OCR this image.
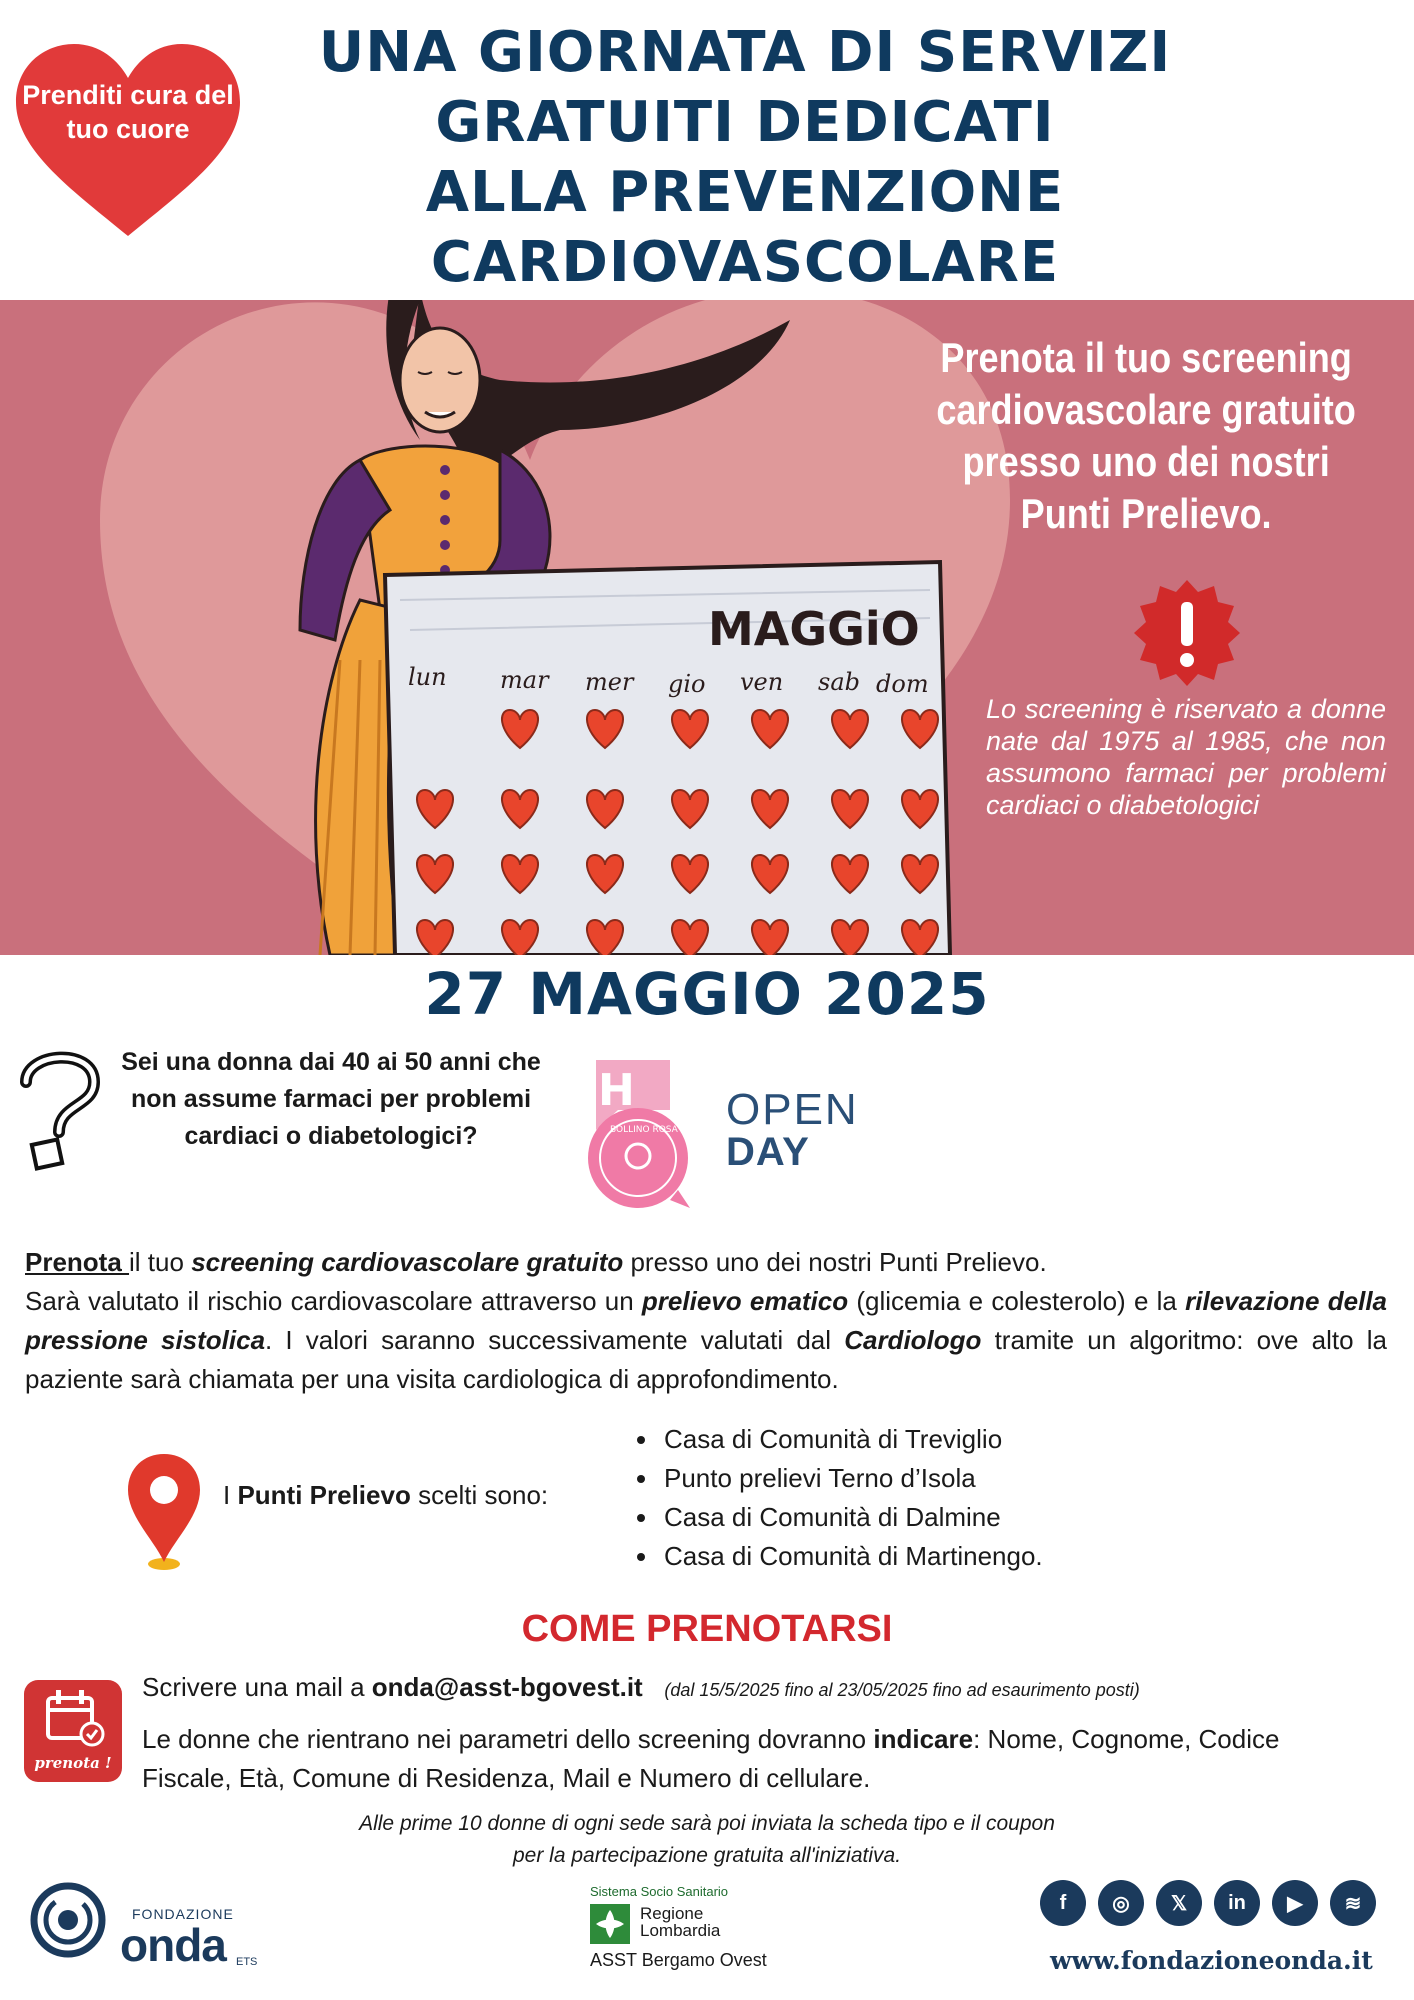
Prenditi cura del tuo cuore
UNA GIORNATA DI SERVIZI
GRATUITI DEDICATI
ALLA PREVENZIONE
CARDIOVASCOLARE
MAGGiO
lun mar mer gio ven sab dom
Prenota il tuo screening cardiovascolare gratuito presso uno dei nostri Punti Prelievo.
Lo screening è riservato a donne nate dal 1975 al 1985, che non assumono farmaci per problemi cardiaci o diabetologici
27 MAGGIO 2025
Sei una donna dai 40 ai 50 anni che non assume farmaci per problemi cardiaci o diabetologici?
H
BOLLINO ROSA OPEN
DAY
Prenota il tuo screening cardiovascolare gratuito presso uno dei nostri Punti Prelievo.
Sarà valutato il rischio cardiovascolare attraverso un prelievo ematico (glicemia e colesterolo) e la rilevazione della pressione sistolica. I valori saranno successivamente valutati dal Cardiologo tramite un algoritmo: ove alto la paziente sarà chiamata per una visita cardiologica di approfondimento.
I Punti Prelievo scelti sono:
• Casa di Comunità di Treviglio
• Punto prelievi Terno d’Isola
• Casa di Comunità di Dalmine
• Casa di Comunità di Martinengo.
COME PRENOTARSI
prenota !
Scrivere una mail a onda@asst-bgovest.it (dal 15/5/2025 fino al 23/05/2025 fino ad esaurimento posti)
Le donne che rientrano nei parametri dello screening dovranno indicare: Nome, Cognome, Codice Fiscale, Età, Comune di Residenza, Mail e Numero di cellulare.
Alle prime 10 donne di ogni sede sarà poi inviata la scheda tipo e il coupon
per la partecipazione gratuita all'iniziativa.
FONDAZIONE
onda ETS
Sistema Socio Sanitario
Regione
Lombardia
ASST Bergamo Ovest
f	◎	𝕏	in	▶	≋
www.fondazioneonda.it
